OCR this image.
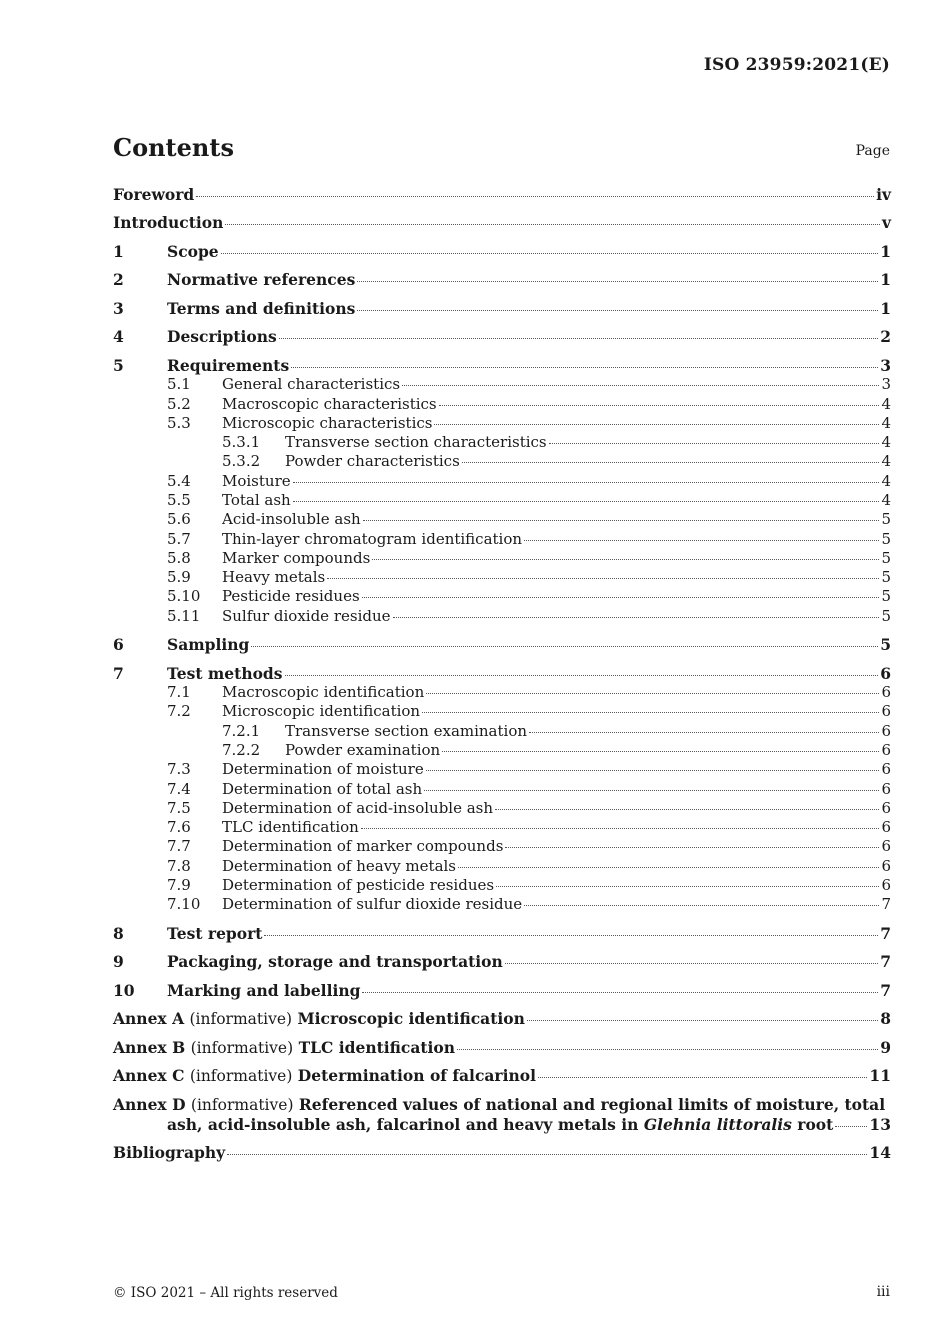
ISO 23959:2021(E)
Contents	Page
Foreword	iv
Introduction	v
1	Scope	1
2	Normative references	1
3	Terms and definitions	1
4	Descriptions	2
5	Requirements	3
5.1	General characteristics	3
5.2	Macroscopic characteristics	4
5.3	Microscopic characteristics	4
5.3.1	Transverse section characteristics	4
5.3.2	Powder characteristics	4
5.4	Moisture	4
5.5	Total ash	4
5.6	Acid-insoluble ash	5
5.7	Thin-layer chromatogram identification	5
5.8	Marker compounds	5
5.9	Heavy metals	5
5.10	Pesticide residues	5
5.11	Sulfur dioxide residue	5
6	Sampling	5
7	Test methods	6
7.1	Macroscopic identification	6
7.2	Microscopic identification	6
7.2.1	Transverse section examination	6
7.2.2	Powder examination	6
7.3	Determination of moisture	6
7.4	Determination of total ash	6
7.5	Determination of acid-insoluble ash	6
7.6	TLC identification	6
7.7	Determination of marker compounds	6
7.8	Determination of heavy metals	6
7.9	Determination of pesticide residues	6
7.10	Determination of sulfur dioxide residue	7
8	Test report	7
9	Packaging, storage and transportation	7
10	Marking and labelling	7
Annex A (informative) Microscopic identification	8
Annex B (informative) TLC identification	9
Annex C (informative) Determination of falcarinol	11
Annex D (informative) Referenced values of national and regional limits of moisture, total
ash, acid-insoluble ash, falcarinol and heavy metals in Glehnia littoralis root 13
Bibliography	14
© ISO 2021 – All rights reserved	iii
